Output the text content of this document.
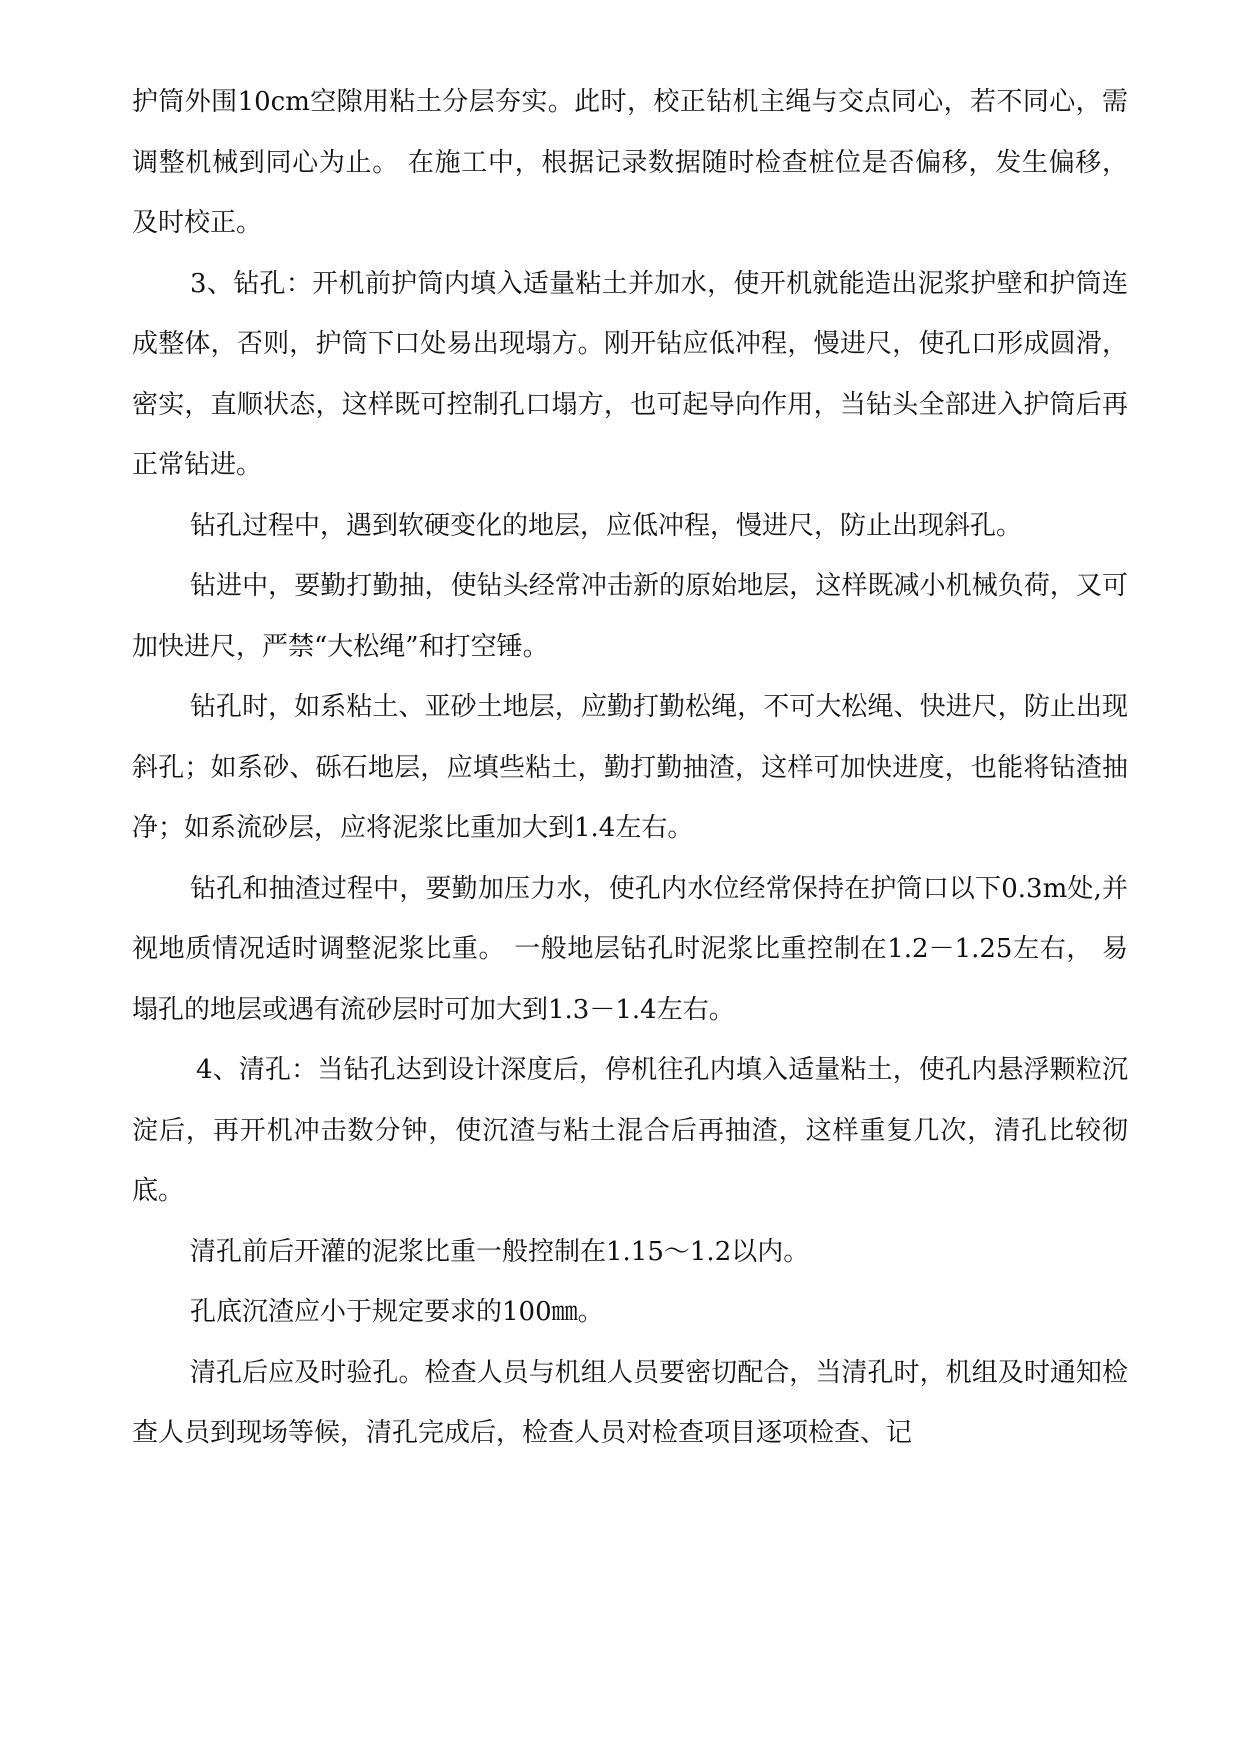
护筒外围10cm空隙用粘土分层夯实。此时，校正钻机主绳与交点同心，若不同心，需调整机械到同心为止。 在施工中，根据记录数据随时检查桩位是否偏移，发生偏移，及时校正。

3、钻孔：开机前护筒内填入适量粘土并加水，使开机就能造出泥浆护壁和护筒连成整体，否则，护筒下口处易出现塌方。刚开钻应低冲程，慢进尺，使孔口形成圆滑，密实，直顺状态，这样既可控制孔口塌方，也可起导向作用，当钻头全部进入护筒后再正常钻进。

钻孔过程中，遇到软硬变化的地层，应低冲程，慢进尺，防止出现斜孔。

钻进中，要勤打勤抽，使钻头经常冲击新的原始地层，这样既减小机械负荷，又可加快进尺，严禁“大松绳”和打空锤。

钻孔时，如系粘土、亚砂土地层，应勤打勤松绳，不可大松绳、快进尺，防止出现斜孔；如系砂、砾石地层，应填些粘土，勤打勤抽渣，这样可加快进度，也能将钻渣抽净；如系流砂层，应将泥浆比重加大到1.4左右。

钻孔和抽渣过程中，要勤加压力水，使孔内水位经常保持在护筒口以下0.3m处,并视地质情况适时调整泥浆比重。 一般地层钻孔时泥浆比重控制在1.2－1.25左右， 易塌孔的地层或遇有流砂层时可加大到1.3－1.4左右。

4、清孔：当钻孔达到设计深度后，停机往孔内填入适量粘土，使孔内悬浮颗粒沉淀后，再开机冲击数分钟，使沉渣与粘土混合后再抽渣，这样重复几次，清孔比较彻底。

清孔前后开灌的泥浆比重一般控制在1.15～1.2以内。

孔底沉渣应小于规定要求的100㎜。

清孔后应及时验孔。检查人员与机组人员要密切配合，当清孔时，机组及时通知检查人员到现场等候，清孔完成后，检查人员对检查项目逐项检查、记
